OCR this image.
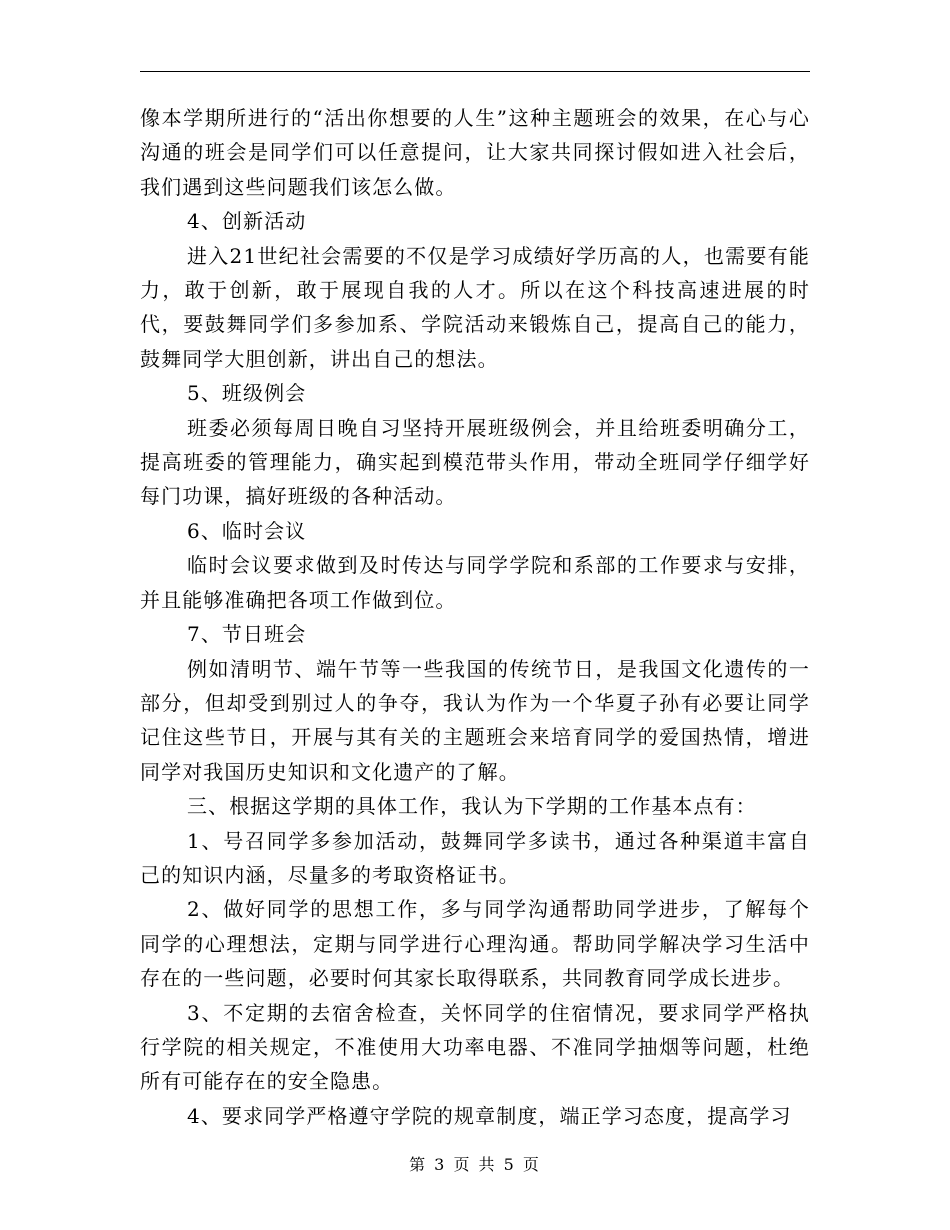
像本学期所进行的“活出你想要的人生”这种主题班会的效果，在心与心沟通的班会是同学们可以任意提问，让大家共同探讨假如进入社会后，我们遇到这些问题我们该怎么做。

4、创新活动

进入21世纪社会需要的不仅是学习成绩好学历高的人，也需要有能力，敢于创新，敢于展现自我的人才。所以在这个科技高速进展的时代，要鼓舞同学们多参加系、学院活动来锻炼自己，提高自己的能力，鼓舞同学大胆创新，讲出自己的想法。

5、班级例会

班委必须每周日晚自习坚持开展班级例会，并且给班委明确分工，提高班委的管理能力，确实起到模范带头作用，带动全班同学仔细学好每门功课，搞好班级的各种活动。

6、临时会议

临时会议要求做到及时传达与同学学院和系部的工作要求与安排，并且能够准确把各项工作做到位。

7、节日班会

例如清明节、端午节等一些我国的传统节日，是我国文化遗传的一部分，但却受到别过人的争夺，我认为作为一个华夏子孙有必要让同学记住这些节日，开展与其有关的主题班会来培育同学的爱国热情，增进同学对我国历史知识和文化遗产的了解。

三、根据这学期的具体工作，我认为下学期的工作基本点有：

1、号召同学多参加活动，鼓舞同学多读书，通过各种渠道丰富自己的知识内涵，尽量多的考取资格证书。

2、做好同学的思想工作，多与同学沟通帮助同学进步，了解每个同学的心理想法，定期与同学进行心理沟通。帮助同学解决学习生活中存在的一些问题，必要时何其家长取得联系，共同教育同学成长进步。

3、不定期的去宿舍检查，关怀同学的住宿情况，要求同学严格执行学院的相关规定，不准使用大功率电器、不准同学抽烟等问题，杜绝所有可能存在的安全隐患。

4、要求同学严格遵守学院的规章制度，端正学习态度，提高学习

第 3 页 共 5 页
